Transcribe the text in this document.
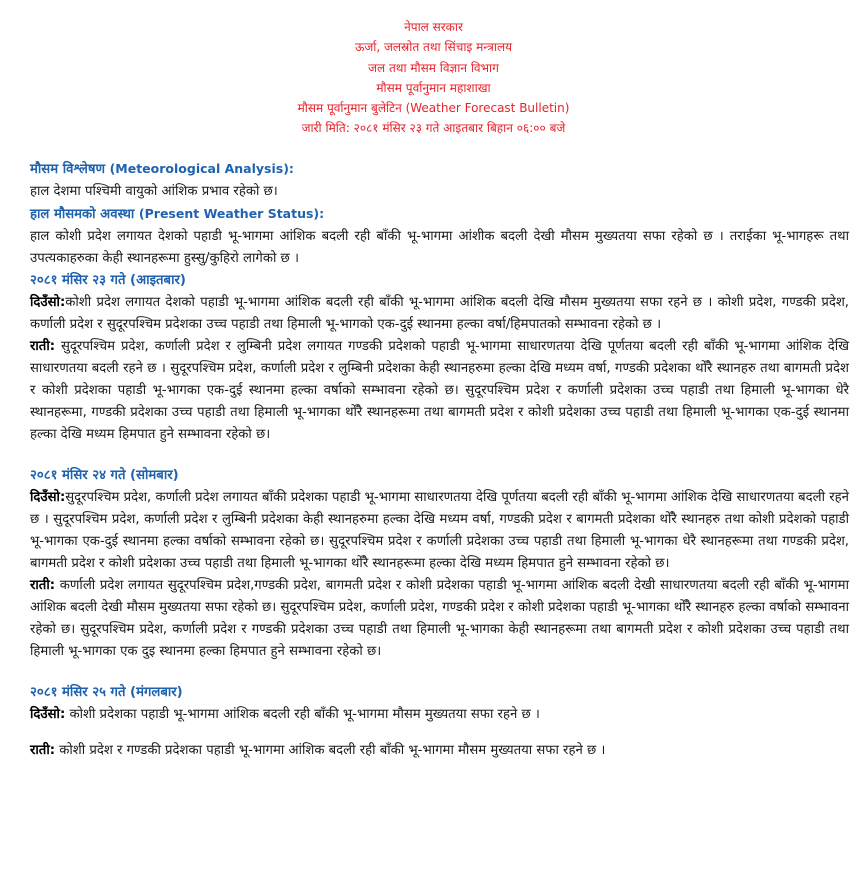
नेपाल सरकार
ऊर्जा, जलस्रोत तथा सिंचाइ मन्त्रालय
जल तथा मौसम विज्ञान विभाग
मौसम पूर्वानुमान महाशाखा
मौसम पूर्वानुमान बुलेटिन (Weather Forecast Bulletin)
जारी मिति: २०८१ मंसिर २३ गते आइतबार बिहान ०६:०० बजे
मौसम विश्लेषण (Meteorological Analysis):
हाल देशमा पश्चिमी वायुको आंशिक प्रभाव रहेको छ।
हाल मौसमको अवस्था (Present Weather Status):
हाल कोशी प्रदेश लगायत देशको पहाडी भू-भागमा आंशिक बदली रही बाँकी भू-भागमा आंशीक बदली देखी मौसम मुख्यतया सफा रहेको छ । तराईका भू-भागहरू तथा उपत्यकाहरुका केही स्थानहरूमा हुस्सु/कुहिरो लागेको छ ।
२०८१ मंसिर २३ गते (आइतबार)
दिउँसो:कोशी प्रदेश लगायत देशको पहाडी भू-भागमा आंशिक बदली रही बाँकी भू-भागमा आंशिक बदली देखि मौसम मुख्यतया सफा रहने छ । कोशी प्रदेश, गण्डकी प्रदेश, कर्णाली प्रदेश र सुदूरपश्चिम प्रदेशका उच्च पहाडी तथा हिमाली भू-भागको एक-दुई स्थानमा हल्का वर्षा/हिमपातको सम्भावना रहेको छ ।
राती: सुदूरपश्चिम प्रदेश, कर्णाली प्रदेश र लुम्बिनी प्रदेश लगायत गण्डकी प्रदेशको पहाडी भू-भागमा साधारणतया देखि पूर्णतया बदली रही बाँकी भू-भागमा आंशिक देखि साधारणतया बदली रहने छ । सुदूरपश्चिम प्रदेश, कर्णाली प्रदेश र लुम्बिनी प्रदेशका केही स्थानहरुमा हल्का देखि मध्यम वर्षा, गण्डकी प्रदेशका थोँरै स्थानहरु तथा बागमती प्रदेश र कोशी प्रदेशका पहाडी भू-भागका एक-दुई स्थानमा हल्का वर्षाको सम्भावना रहेको छ। सुदूरपश्चिम प्रदेश र कर्णाली प्रदेशका उच्च पहाडी तथा हिमाली भू-भागका धेरै स्थानहरूमा, गण्डकी प्रदेशका उच्च पहाडी तथा हिमाली भू-भागका थोँरै स्थानहरूमा तथा बागमती प्रदेश र कोशी प्रदेशका उच्च पहाडी तथा हिमाली भू-भागका एक-दुई स्थानमा हल्का देखि मध्यम हिमपात हुने सम्भावना रहेको छ।
२०८१ मंसिर २४ गते (सोमबार)
दिउँसो:सुदूरपश्चिम प्रदेश, कर्णाली प्रदेश लगायत बाँकी प्रदेशका पहाडी भू-भागमा साधारणतया देखि पूर्णतया बदली रही बाँकी भू-भागमा आंशिक देखि साधारणतया बदली रहने छ । सुदूरपश्चिम प्रदेश, कर्णाली प्रदेश र लुम्बिनी प्रदेशका केही स्थानहरुमा हल्का देखि मध्यम वर्षा, गण्डकी प्रदेश र बागमती प्रदेशका थोँरै स्थानहरु तथा कोशी प्रदेशको पहाडी भू-भागका एक-दुई स्थानमा हल्का वर्षाको सम्भावना रहेको छ। सुदूरपश्चिम प्रदेश र कर्णाली प्रदेशका उच्च पहाडी तथा हिमाली भू-भागका धेरै स्थानहरूमा तथा गण्डकी प्रदेश, बागमती प्रदेश र कोशी प्रदेशका उच्च पहाडी तथा हिमाली भू-भागका थोँरै स्थानहरूमा हल्का देखि मध्यम हिमपात हुने सम्भावना रहेको छ।
राती: कर्णाली प्रदेश लगायत सुदूरपश्चिम प्रदेश,गण्डकी प्रदेश, बागमती प्रदेश र कोशी प्रदेशका पहाडी भू-भागमा आंशिक बदली देखी साधारणतया बदली रही बाँकी भू-भागमा आंशिक बदली देखी मौसम मुख्यतया सफा रहेको छ। सुदूरपश्चिम प्रदेश, कर्णाली प्रदेश, गण्डकी प्रदेश र कोशी प्रदेशका पहाडी भू-भागका थोँरै स्थानहरु हल्का वर्षाको सम्भावना रहेको छ। सुदूरपश्चिम प्रदेश, कर्णाली प्रदेश र गण्डकी प्रदेशका उच्च पहाडी तथा हिमाली भू-भागका केही स्थानहरूमा तथा बागमती प्रदेश र कोशी प्रदेशका उच्च पहाडी तथा हिमाली भू-भागका एक दुइ स्थानमा हल्का हिमपात हुने सम्भावना रहेको छ।
२०८१ मंसिर २५ गते (मंगलबार)
दिउँसो: कोशी प्रदेशका पहाडी भू-भागमा आंशिक बदली रही बाँकी भू-भागमा मौसम मुख्यतया सफा रहने छ ।
राती: कोशी प्रदेश र गण्डकी प्रदेशका पहाडी भू-भागमा आंशिक बदली रही बाँकी भू-भागमा मौसम मुख्यतया सफा रहने छ ।
